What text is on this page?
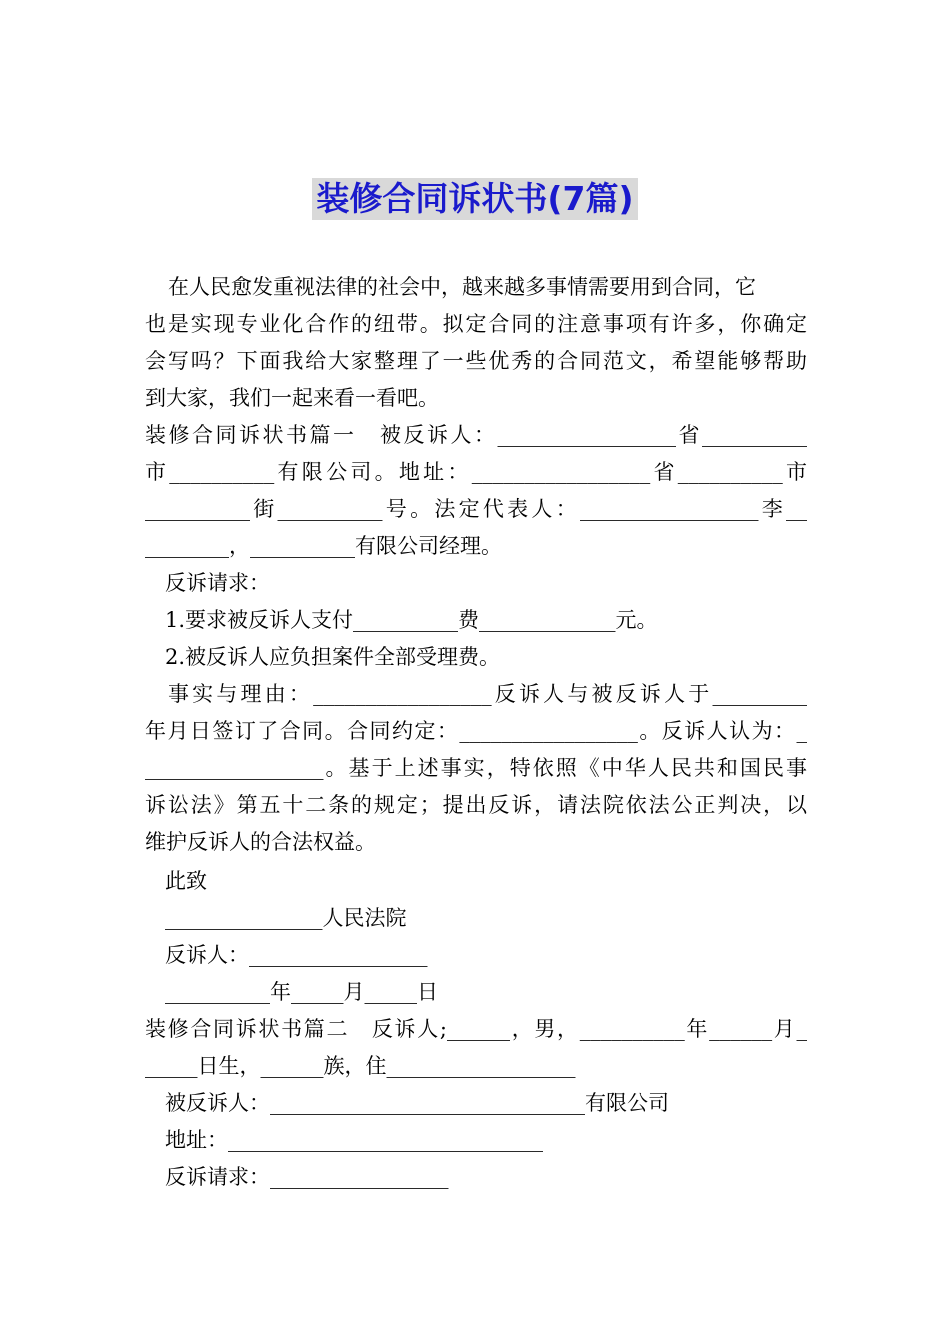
装修合同诉状书(7篇)
在人民愈发重视法律的社会中，越来越多事情需要用到合同，它
也是实现专业化合作的纽带。拟定合同的注意事项有许多，你确定
会写吗？下面我给大家整理了一些优秀的合同范文，希望能够帮助
到大家，我们一起来看一看吧。
装修合同诉状书篇一　被反诉人：_________________省__________
市__________有限公司。地址：_________________省__________市
__________街__________号。法定代表人：_________________李__
________，__________有限公司经理。
反诉请求：
1.要求被反诉人支付__________费_____________元。
2.被反诉人应负担案件全部受理费。
事实与理由：_________________反诉人与被反诉人于_________
年月日签订了合同。合同约定：_________________。反诉人认为：_
_________________。基于上述事实，特依照《中华人民共和国民事
诉讼法》第五十二条的规定；提出反诉，请法院依法公正判决，以
维护反诉人的合法权益。
此致
_______________人民法院
反诉人：_________________
__________年_____月_____日
装修合同诉状书篇二　反诉人;______，男，__________年______月_
_____日生，______族，住__________________
被反诉人：______________________________有限公司
地址：______________________________
反诉请求：_________________
